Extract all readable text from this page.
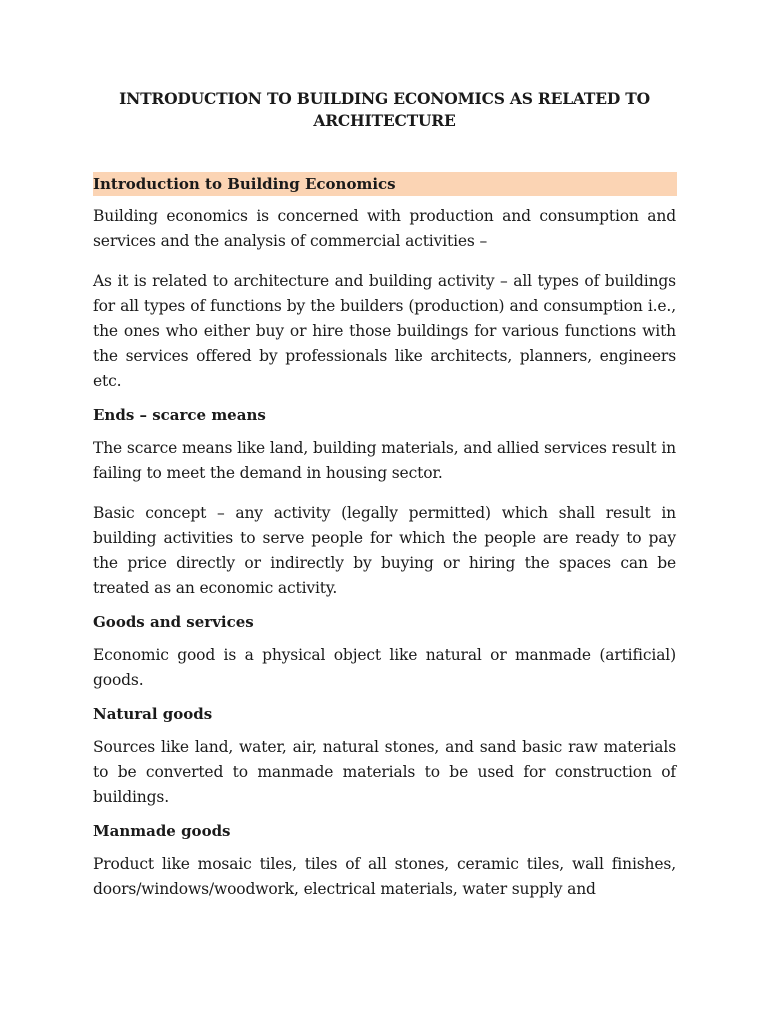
INTRODUCTION TO BUILDING ECONOMICS AS RELATED TO ARCHITECTURE
Introduction to Building Economics

Building economics is concerned with production and consumption and services and the analysis of commercial activities –

As it is related to architecture and building activity – all types of buildings for all types of functions by the builders (production) and consumption i.e., the ones who either buy or hire those buildings for various functions with the services offered by professionals like architects, planners, engineers etc.

Ends – scarce means

The scarce means like land, building materials, and allied services result in failing to meet the demand in housing sector.

Basic concept – any activity (legally permitted) which shall result in building activities to serve people for which the people are ready to pay the price directly or indirectly by buying or hiring the spaces can be treated as an economic activity.

Goods and services

Economic good is a physical object like natural or manmade (artificial) goods.

Natural goods

Sources like land, water, air, natural stones, and sand basic raw materials to be converted to manmade materials to be used for construction of buildings.

Manmade goods

Product like mosaic tiles, tiles of all stones, ceramic tiles, wall finishes, doors/windows/woodwork, electrical materials, water supply and
